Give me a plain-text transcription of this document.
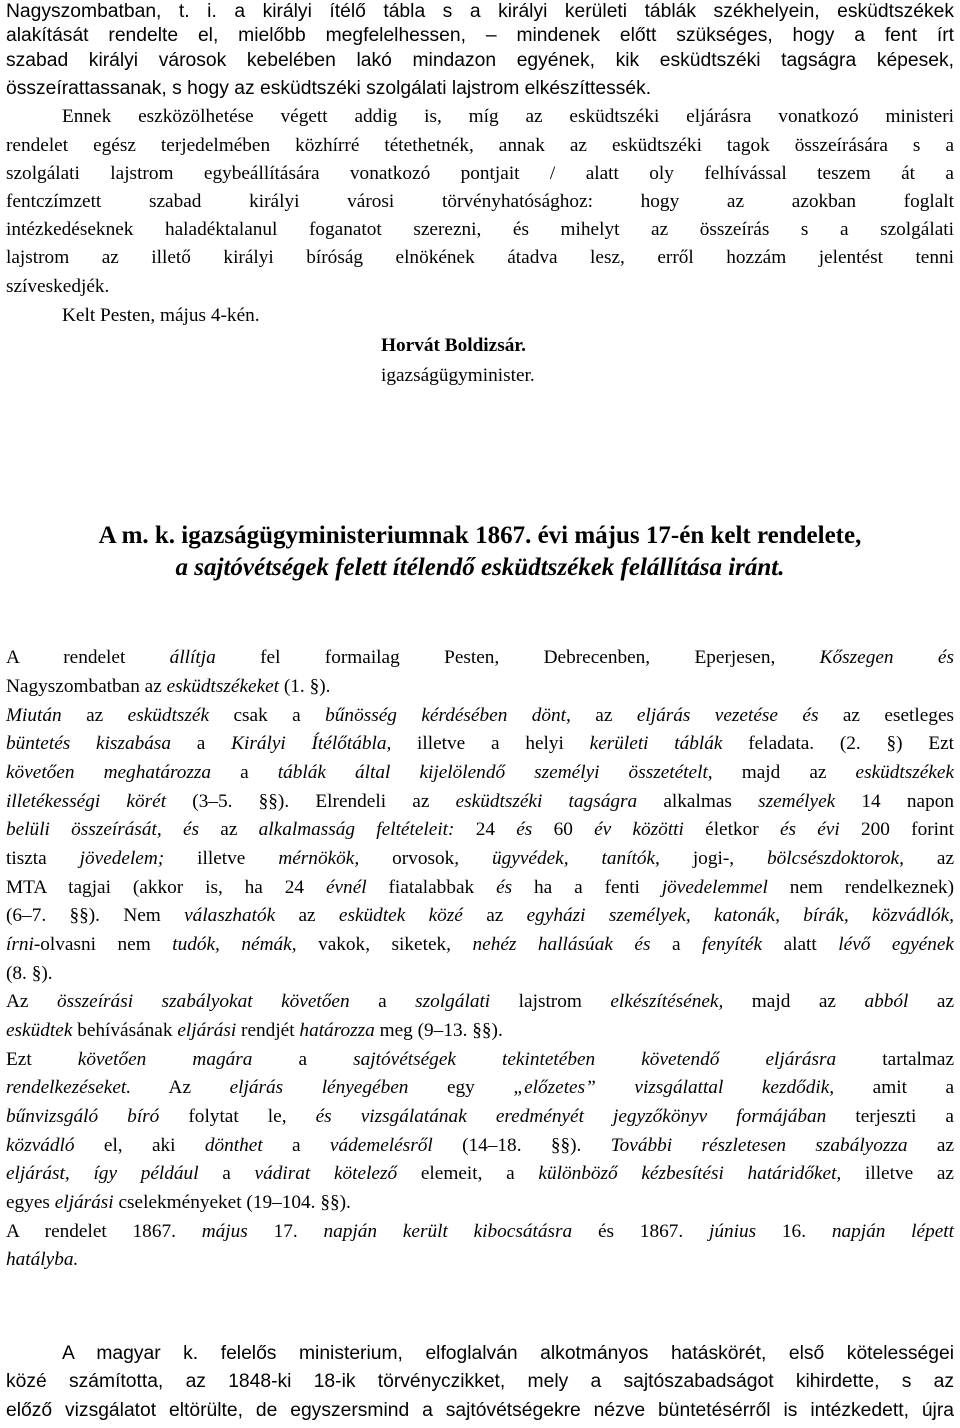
Nagyszombatban, t. i. a királyi ítélő tábla s a királyi kerületi táblák székhelyein, esküdtszékek
alakítását rendelte el, mielőbb megfelelhessen, – mindenek előtt szükséges, hogy a fent írt
szabad királyi városok kebelében lakó mindazon egyének, kik esküdtszéki tagságra képesek,
összeírattassanak, s hogy az esküdtszéki szolgálati lajstrom elkészíttessék.
Ennek eszközölhetése végett addig is, míg az esküdtszéki eljárásra vonatkozó ministeri
rendelet egész terjedelmében közhírré tétethetnék, annak az esküdtszéki tagok összeírására s a
szolgálati lajstrom egybeállítására vonatkozó pontjait / alatt oly felhívással teszem át a
fentczímzett szabad királyi városi törvényhatósághoz: hogy az azokban foglalt
intézkedéseknek haladéktalanul foganatot szerezni, és mihelyt az összeírás s a szolgálati
lajstrom az illető királyi bíróság elnökének átadva lesz, erről hozzám jelentést tenni
szíveskedjék.
Kelt Pesten, május 4-kén.
Horvát Boldizsár.
igazságügyminister.
A m. k. igazságügyministeriumnak 1867. évi május 17-én kelt rendelete,
a sajtóvétségek felett ítélendő esküdtszékek felállítása iránt.
A rendelet állítja fel formailag Pesten, Debrecenben, Eperjesen, Kőszegen és
Nagyszombatban az esküdtszékeket (1. §).
Miután az esküdtszék csak a bűnösség kérdésében dönt, az eljárás vezetése és az esetleges
büntetés kiszabása a Királyi Ítélőtábla, illetve a helyi kerületi táblák feladata. (2. §) Ezt
követően meghatározza a táblák által kijelölendő személyi összetételt, majd az esküdtszékek
illetékességi körét (3–5. §§). Elrendeli az esküdtszéki tagságra alkalmas személyek 14 napon
belüli összeírását, és az alkalmasság feltételeit: 24 és 60 év közötti életkor és évi 200 forint
tiszta jövedelem; illetve mérnökök, orvosok, ügyvédek, tanítók, jogi-, bölcsészdoktorok, az
MTA tagjai (akkor is, ha 24 évnél fiatalabbak és ha a fenti jövedelemmel nem rendelkeznek)
(6–7. §§). Nem válaszhatók az esküdtek közé az egyházi személyek, katonák, bírák, közvádlók,
írni-olvasni nem tudók, némák, vakok, siketek, nehéz hallásúak és a fenyíték alatt lévő egyének
(8. §).
Az összeírási szabályokat követően a szolgálati lajstrom elkészítésének, majd az abból az
esküdtek behívásának eljárási rendjét határozza meg (9–13. §§).
Ezt követően magára a sajtóvétségek tekintetében követendő eljárásra tartalmaz
rendelkezéseket. Az eljárás lényegében egy „előzetes” vizsgálattal kezdődik, amit a
bűnvizsgáló bíró folytat le, és vizsgálatának eredményét jegyzőkönyv formájában terjeszti a
közvádló el, aki dönthet a vádemelésről (14–18. §§). További részletesen szabályozza az
eljárást, így például a vádirat kötelező elemeit, a különböző kézbesítési határidőket, illetve az
egyes eljárási cselekményeket (19–104. §§).
A rendelet 1867. május 17. napján került kibocsátásra és 1867. június 16. napján lépett
hatályba.
A magyar k. felelős ministerium, elfoglalván alkotmányos hatáskörét, első kötelességei
közé számította, az 1848-ki 18-ik törvényczikket, mely a sajtószabadságot kihirdette, s az
előző vizsgálatot eltörülte, de egyszersmind a sajtóvétségekre nézve büntetésérről is intézkedett, újra
